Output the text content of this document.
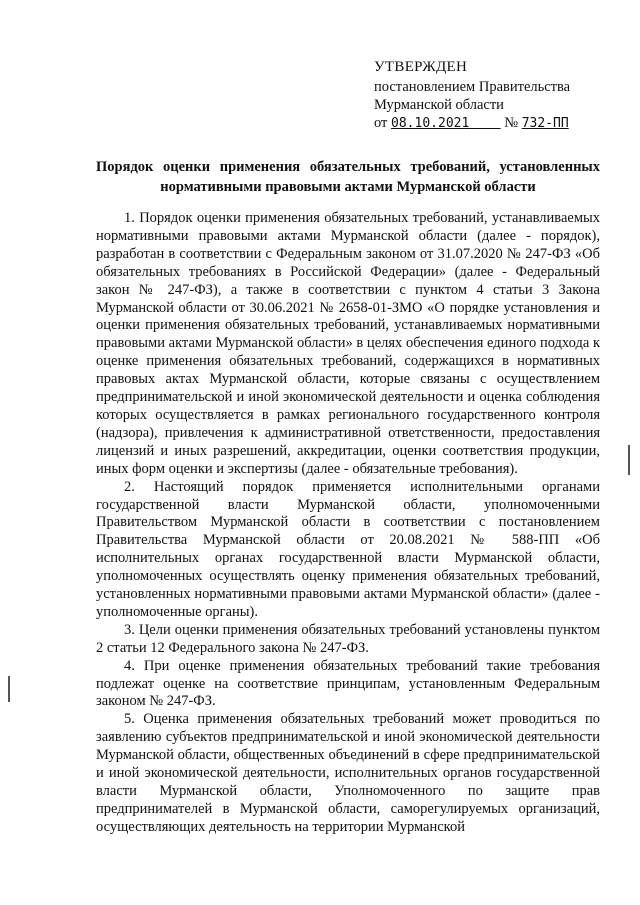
УТВЕРЖДЕН
постановлением Правительства
Мурманской области
от 08.10.2021 № 732-ПП
Порядок оценки применения обязательных требований, установленных нормативными правовыми актами Мурманской области

1. Порядок оценки применения обязательных требований, устанавливаемых нормативными правовыми актами Мурманской области (далее - порядок), разработан в соответствии с Федеральным законом от 31.07.2020 № 247-ФЗ «Об обязательных требованиях в Российской Федерации» (далее - Федеральный закон № 247-ФЗ), а также в соответствии с пунктом 4 статьи 3 Закона Мурманской области от 30.06.2021 № 2658-01-ЗМО «О порядке установления и оценки применения обязательных требований, устанавливаемых нормативными правовыми актами Мурманской области» в целях обеспечения единого подхода к оценке применения обязательных требований, содержащихся в нормативных правовых актах Мурманской области, которые связаны с осуществлением предпринимательской и иной экономической деятельности и оценка соблюдения которых осуществляется в рамках регионального государственного контроля (надзора), привлечения к административной ответственности, предоставления лицензий и иных разрешений, аккредитации, оценки соответствия продукции, иных форм оценки и экспертизы (далее - обязательные требования).

2. Настоящий порядок применяется исполнительными органами государственной власти Мурманской области, уполномоченными Правительством Мурманской области в соответствии с постановлением Правительства Мурманской области от 20.08.2021 № 588-ПП «Об исполнительных органах государственной власти Мурманской области, уполномоченных осуществлять оценку применения обязательных требований, установленных нормативными правовыми актами Мурманской области» (далее - уполномоченные органы).

3. Цели оценки применения обязательных требований установлены пунктом 2 статьи 12 Федерального закона № 247-ФЗ.

4. При оценке применения обязательных требований такие требования подлежат оценке на соответствие принципам, установленным Федеральным законом № 247-ФЗ.

5. Оценка применения обязательных требований может проводиться по заявлению субъектов предпринимательской и иной экономической деятельности Мурманской области, общественных объединений в сфере предпринимательской и иной экономической деятельности, исполнительных органов государственной власти Мурманской области, Уполномоченного по защите прав предпринимателей в Мурманской области, саморегулируемых организаций, осуществляющих деятельность на территории Мурманской
